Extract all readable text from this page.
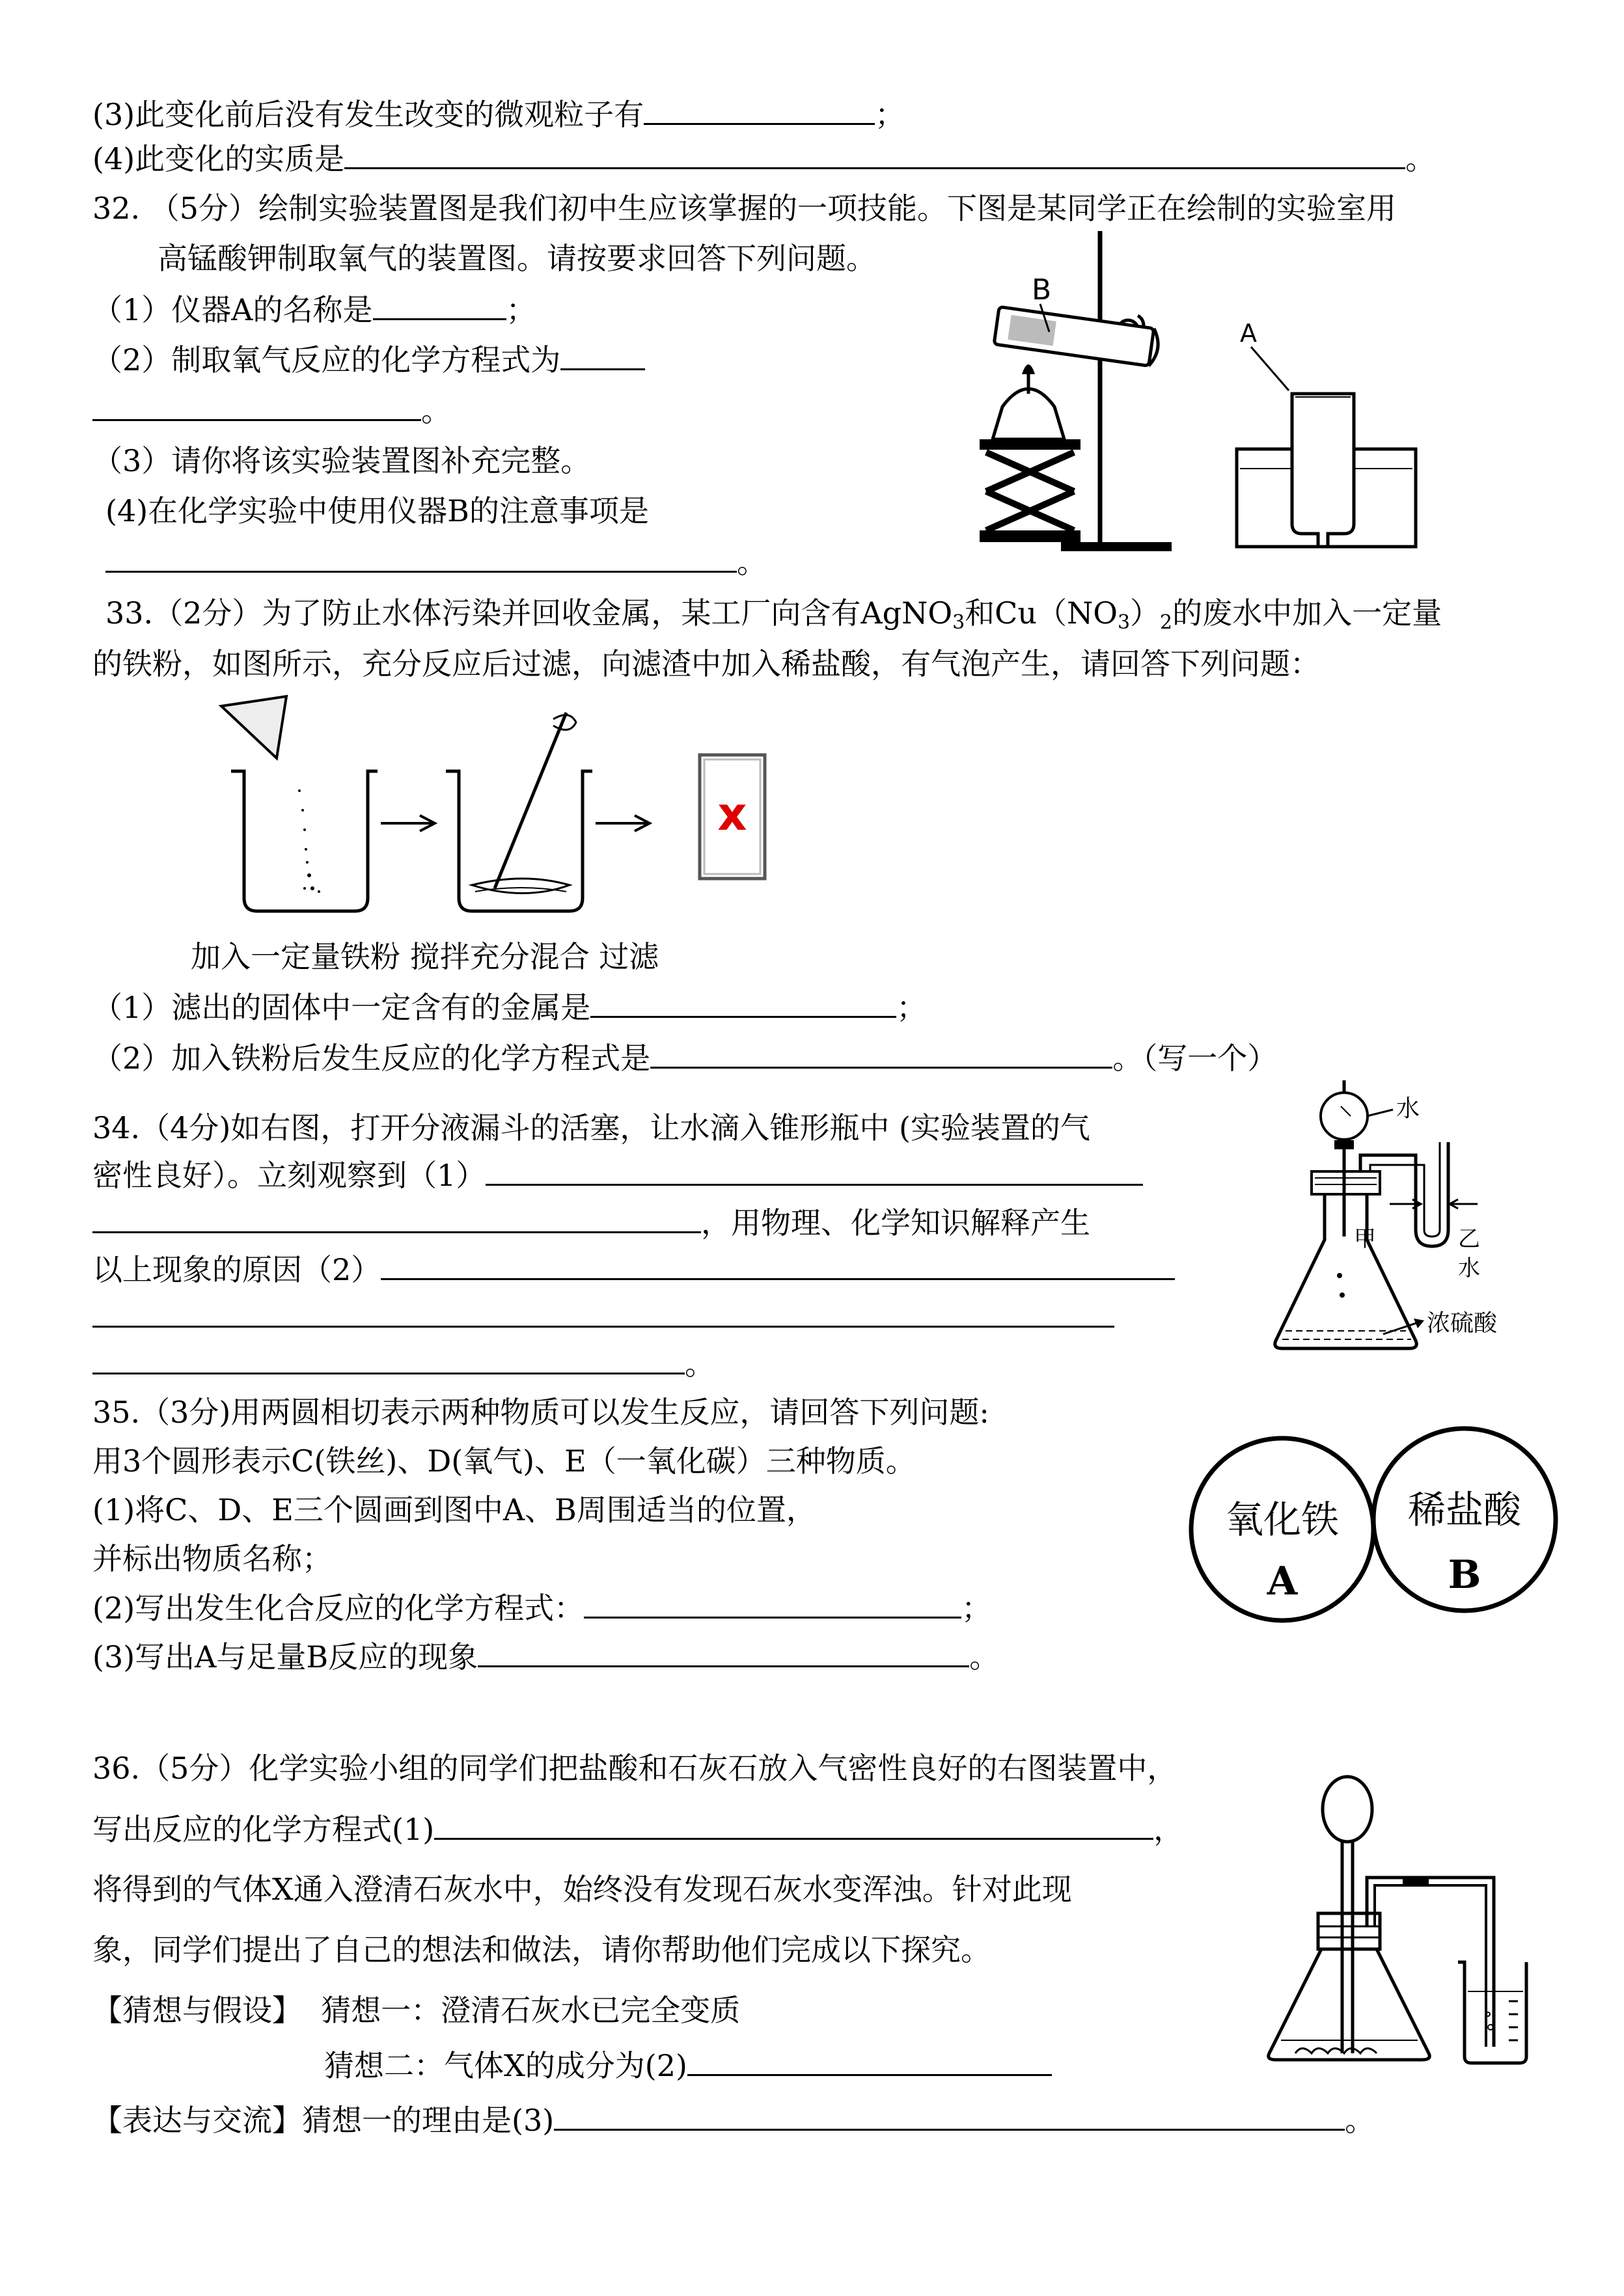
(3)此变化前后没有发生改变的微观粒子有	；
(4)此变化的实质是	。
32. （5分）绘制实验装置图是我们初中生应该掌握的一项技能。下图是某同学正在绘制的实验室用
高锰酸钾制取氧气的装置图。请按要求回答下列问题。
（1）仪器A的名称是	；
（2）制取氧气反应的化学方程式为
。
（3）请你将该实验装置图补充完整。
(4)在化学实验中使用仪器B的注意事项是
。
B
A
33.（2分）为了防止水体污染并回收金属，某工厂向含有AgNO$_3$和$Cu(NO_3)_2$的废水中加入一定量
的铁粉，如图所示，充分反应后过滤，向滤渣中加入稀盐酸，有气泡产生，请回答下列问题：
x
加入一定量铁粉 搅拌充分混合 过滤
（1）滤出的固体中一定含有的金属是	；
（2）加入铁粉后发生反应的化学方程式是	。（写一个）
34.（4分)如右图，打开分液漏斗的活塞，让水滴入锥形瓶中 (实验装置的气
密性良好）。立刻观察到（1）
，用物理、化学知识解释产生
以上现象的原因（2）
。
水
甲	乙
水
浓硫酸
35.（3分)用两圆相切表示两种物质可以发生反应，请回答下列问题:
用3个圆形表示C(铁丝)、D(氧气)、E（一氧化碳）三种物质。
(1)将C、D、E三个圆画到图中A、B周围适当的位置，
并标出物质名称；
(2)写出发生化合反应的化学方程式：	；
(3)写出A与足量B反应的现象	。
氧化铁
A
稀盐酸
B
36.（5分）化学实验小组的同学们把盐酸和石灰石放入气密性良好的右图装置中，
写出反应的化学方程式(1)	，
将得到的气体X通入澄清石灰水中，始终没有发现石灰水变浑浊。针对此现
象，同学们提出了自己的想法和做法，请你帮助他们完成以下探究。
【猜想与假设】 猜想一：澄清石灰水已完全变质
猜想二：气体X的成分为(2)
【表达与交流】猜想一的理由是(3)	。
